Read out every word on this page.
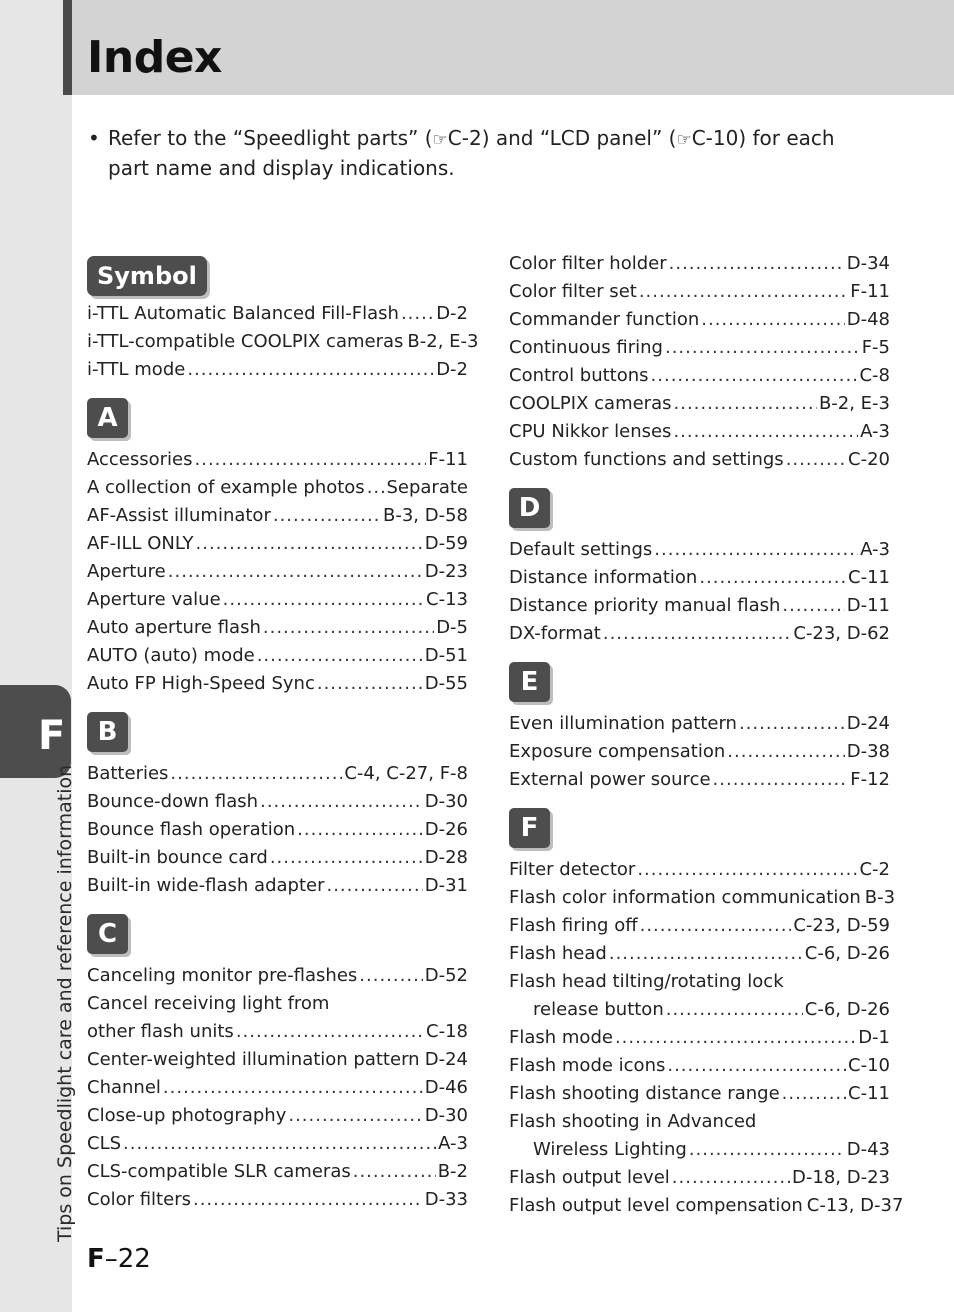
Index
• Refer to the “Speedlight parts” (☞C-2) and “LCD panel” (☞C-10) for each
part name and display indications.
F
Tips on Speedlight care and reference information
F–22
Symbol
i-TTL Automatic Balanced Fill-Flash ..... D-2
i-TTL-compatible COOLPIX cameras B-2, E-3
i-TTL mode .....	D-2
A
Accessories .....	F-11
A collection of example photos ..... Separate
AF-Assist illuminator .....	B-3, D-58
AF-ILL ONLY .....	D-59
Aperture .....	D-23
Aperture value .....	C-13
Auto aperture flash .....	D-5
AUTO (auto) mode .....	D-51
Auto FP High-Speed Sync .....	D-55
B
Batteries .....	C-4, C-27, F-8
Bounce-down flash .....	D-30
Bounce flash operation .....	D-26
Built-in bounce card .....	D-28
Built-in wide-flash adapter .....	D-31
C
Canceling monitor pre-flashes .....	D-52
Cancel receiving light from
other flash units .....	C-18
Center-weighted illumination pattern ..... D-24
Channel .....	D-46
Close-up photography .....	D-30
CLS .....	A-3
CLS-compatible SLR cameras .....	B-2
Color filters .....	D-33
Color filter holder .....	D-34
Color filter set .....	F-11
Commander function .....	D-48
Continuous firing .....	F-5
Control buttons .....	C-8
COOLPIX cameras .....	B-2, E-3
CPU Nikkor lenses .....	A-3
Custom functions and settings .....	C-20
D
Default settings .....	A-3
Distance information .....	C-11
Distance priority manual flash .....	D-11
DX-format .....	C-23, D-62
E
Even illumination pattern .....	D-24
Exposure compensation .....	D-38
External power source .....	F-12
F
Filter detector .....	C-2
Flash color information communication B-3
Flash firing off .....	C-23, D-59
Flash head .....	C-6, D-26
Flash head tilting/rotating lock
release button .....	C-6, D-26
Flash mode .....	D-1
Flash mode icons .....	C-10
Flash shooting distance range .....	C-11
Flash shooting in Advanced
Wireless Lighting .....	D-43
Flash output level .....	D-18, D-23
Flash output level compensation C-13, D-37
